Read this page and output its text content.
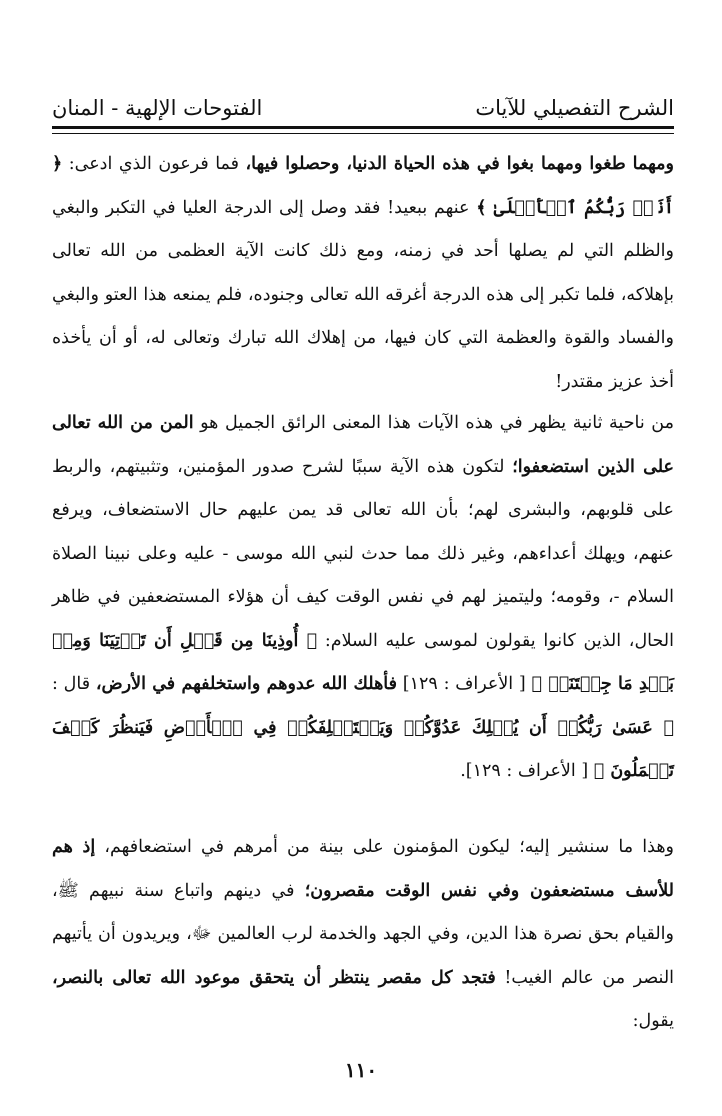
الشرح التفصيلي للآيات
الفتوحات الإلهية - المنان
ومهما طغوا ومهما بغوا في هذه الحياة الدنيا، وحصلوا فيها، فما فرعون الذي ادعى: ﴿ أَنَا۠ رَبُّكُمُ ٱلۡأَعۡلَىٰ ﴾ عنهم ببعيد! فقد وصل إلى الدرجة العليا في التكبر والبغي والظلم التي لم يصلها أحد في زمنه، ومع ذلك كانت الآية العظمى من الله تعالى بإهلاكه، فلما تكبر إلى هذه الدرجة أغرقه الله تعالى وجنوده، فلم يمنعه هذا العتو والبغي والفساد والقوة والعظمة التي كان فيها، من إهلاك الله تبارك وتعالى له، أو أن يأخذه أخذ عزيز مقتدر!
من ناحية ثانية يظهر في هذه الآيات هذا المعنى الرائق الجميل هو المن من الله تعالى على الذين استضعفوا؛ لتكون هذه الآية سببًا لشرح صدور المؤمنين، وتثبيتهم، والربط على قلوبهم، والبشرى لهم؛ بأن الله تعالى قد يمن عليهم حال الاستضعاف، ويرفع عنهم، ويهلك أعداءهم، وغير ذلك مما حدث لنبي الله موسى - عليه وعلى نبينا الصلاة السلام -، وقومه؛ وليتميز لهم في نفس الوقت كيف أن هؤلاء المستضعفين في ظاهر الحال، الذين كانوا يقولون لموسى عليه السلام: ﴿ أُوذِينَا مِن قَبۡلِ أَن تَأۡتِيَنَا وَمِنۢ بَعۡدِ مَا جِئۡتَنَاۚ ﴾ [ الأعراف : ١٢٩] فأهلك الله عدوهم واستخلفهم في الأرض، قال : ﴿ عَسَىٰ رَبُّكُمۡ أَن يُهۡلِكَ عَدُوَّكُمۡ وَيَسۡتَخۡلِفَكُمۡ فِي ٱلۡأَرۡضِ فَيَنظُرَ كَيۡفَ تَعۡمَلُونَ ﴾ [ الأعراف : ١٢٩].
وهذا ما سنشير إليه؛ ليكون المؤمنون على بينة من أمرهم في استضعافهم، إذ هم للأسف مستضعفون وفي نفس الوقت مقصرون؛ في دينهم واتباع سنة نبيهم ﷺ، والقيام بحق نصرة هذا الدين، وفي الجهد والخدمة لرب العالمين ﷻ، ويريدون أن يأتيهم النصر من عالم الغيب! فتجد كل مقصر ينتظر أن يتحقق موعود الله تعالى بالنصر، يقول:
١١٠
